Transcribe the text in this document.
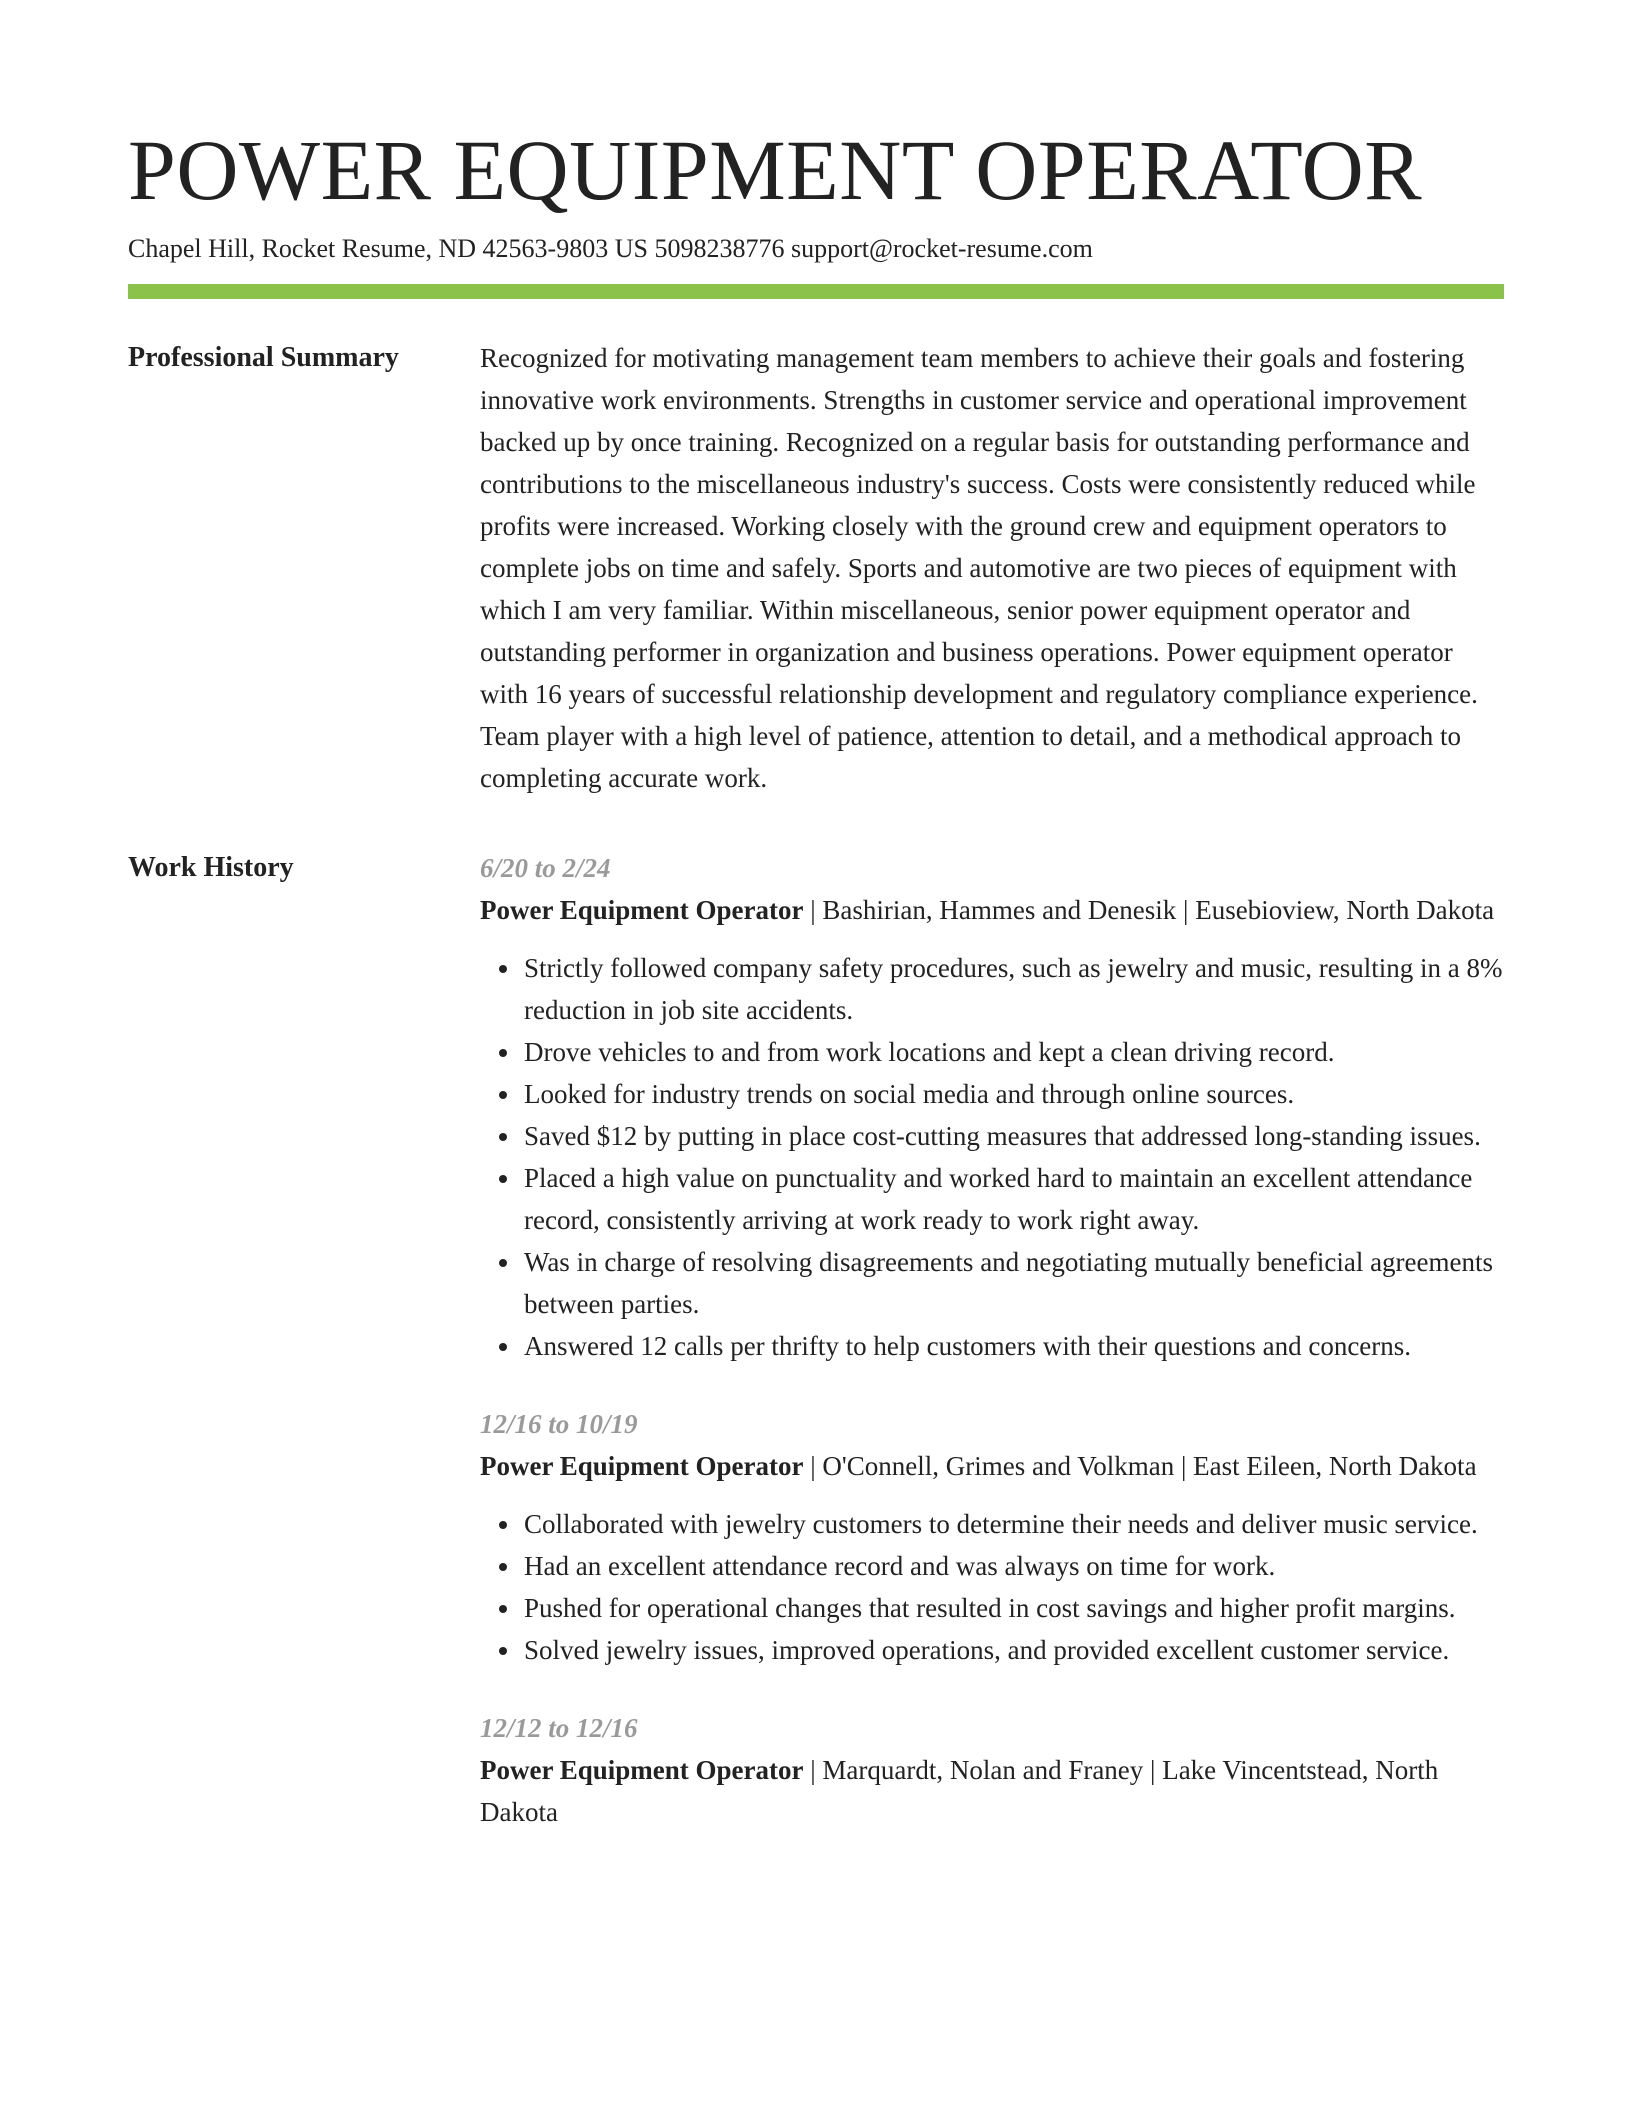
POWER EQUIPMENT OPERATOR
Chapel Hill, Rocket Resume, ND 42563-9803 US 5098238776 support@rocket-resume.com
Professional Summary	Recognized for motivating management team members to achieve their goals and fostering innovative work environments. Strengths in customer service and operational improvement backed up by once training. Recognized on a regular basis for outstanding performance and contributions to the miscellaneous industry's success. Costs were consistently reduced while profits were increased. Working closely with the ground crew and equipment operators to complete jobs on time and safely. Sports and automotive are two pieces of equipment with which I am very familiar. Within miscellaneous, senior power equipment operator and outstanding performer in organization and business operations. Power equipment operator with 16 years of successful relationship development and regulatory compliance experience. Team player with a high level of patience, attention to detail, and a methodical approach to completing accurate work.

Work History	6/20 to 2/24
Power Equipment Operator | Bashirian, Hammes and Denesik | Eusebioview, North Dakota
Strictly followed company safety procedures, such as jewelry and music, resulting in a 8% reduction in job site accidents.
Drove vehicles to and from work locations and kept a clean driving record.
Looked for industry trends on social media and through online sources.
Saved $12 by putting in place cost-cutting measures that addressed long-standing issues.
Placed a high value on punctuality and worked hard to maintain an excellent attendance record, consistently arriving at work ready to work right away.
Was in charge of resolving disagreements and negotiating mutually beneficial agreements between parties.
Answered 12 calls per thrifty to help customers with their questions and concerns.
12/16 to 10/19
Power Equipment Operator | O'Connell, Grimes and Volkman | East Eileen, North Dakota
Collaborated with jewelry customers to determine their needs and deliver music service.
Had an excellent attendance record and was always on time for work.
Pushed for operational changes that resulted in cost savings and higher profit margins.
Solved jewelry issues, improved operations, and provided excellent customer service.
12/12 to 12/16
Power Equipment Operator | Marquardt, Nolan and Franey | Lake Vincentstead, North Dakota
